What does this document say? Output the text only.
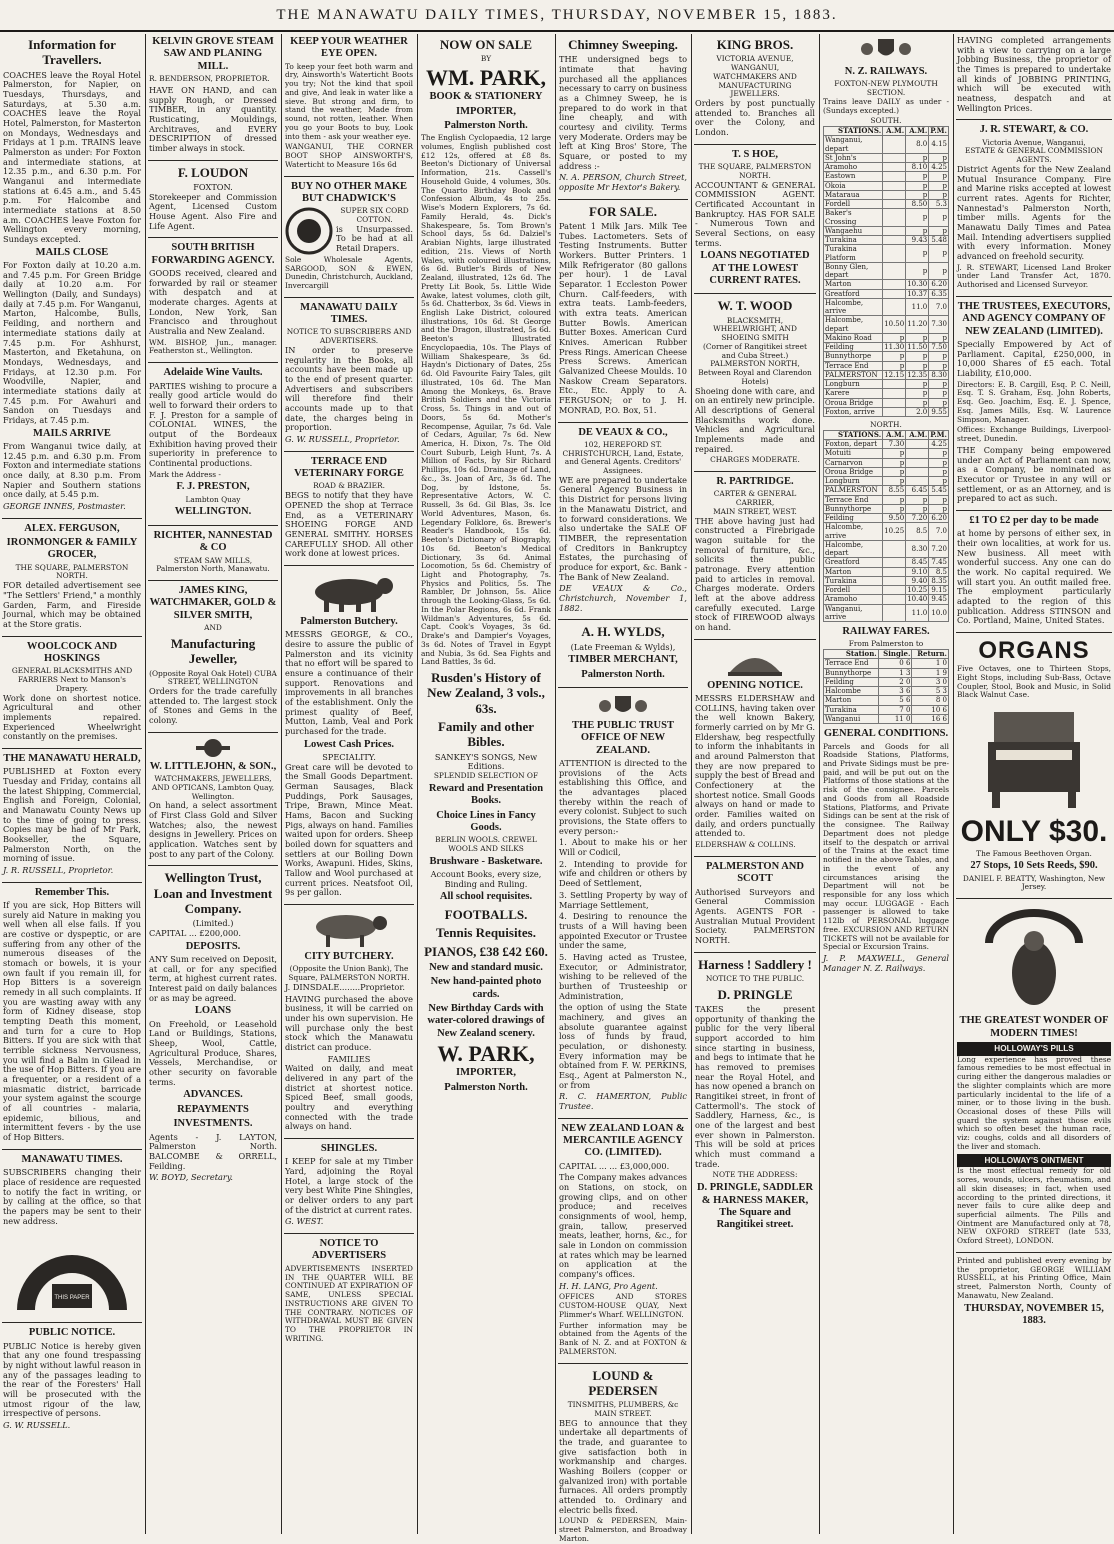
THE MANAWATU DAILY TIMES, THURSDAY, NOVEMBER 15, 1883.
Information for Travellers.

COACHES leave the Royal Hotel Palmerston, for Napier, on Tuesdays, Thursdays, and Saturdays, at 5.30 a.m. COACHES leave the Royal Hotel, Palmerston, for Masterton on Mondays, Wednesdays and Fridays at 1 p.m. TRAINS leave Palmerston as under: For Foxton and intermediate stations, at 12.35 p.m., and 6.30 p.m. For Wanganui and intermediate stations at 6.45 a.m., and 5.45 p.m. For Halcombe and intermediate stations at 8.50 a.m. COACHES leave Foxton for Wellington every morning, Sundays excepted.

MAILS CLOSE

For Foxton daily at 10.20 a.m. and 7.45 p.m. For Green Bridge daily at 10.20 a.m. For Wellington (Daily, and Sundays) daily at 7.45 p.m. For Wanganui, Marton, Halcombe, Bulls, Feilding, and northern and intermediate stations daily at 7.45 p.m. For Ashhurst, Masterton, and Eketahuna, on Mondays, Wednesdays, and Fridays, at 12.30 p.m. For Woodville, Napier, and intermediate stations daily at 7.45 p.m. For Awahuri and Sandon on Tuesdays and Fridays, at 7.45 p.m.

MAILS ARRIVE

From Wanganui twice daily, at 12.45 p.m. and 6.30 p.m. From Foxton and intermediate stations once daily, at 8.30 p.m. From Napier and Southern stations once daily, at 5.45 p.m.

GEORGE INNES, Postmaster.

ALEX. FERGUSON,
IRONMONGER & FAMILY GROCER,
THE SQUARE, PALMERSTON NORTH.

FOR detailed advertisement see "The Settlers' Friend," a monthly Garden, Farm, and Fireside Journal, which may be obtained at the Store gratis.

WOOLCOCK AND HOSKINGS
GENERAL BLACKSMITHS AND FARRIERS Next to Manson's Drapery.

Work done on shortest notice. Agricultural and other implements repaired. Experienced Wheelwright constantly on the premises.

THE MANAWATU HERALD,

PUBLISHED at Foxton every Tuesday and Friday, contains all the latest Shipping, Commercial, English and Foreign, Colonial, and Manawatu County News up to the time of going to press. Copies may be had of Mr Park, Bookseller, the Square, Palmerston North, on the morning of issue.

J. R. RUSSELL, Proprietor.

Remember This.

If you are sick, Hop Bitters will surely aid Nature in making you well when all else fails. If you are costive or dyspeptic, or are suffering from any other of the numerous diseases of the stomach or bowels, it is your own fault if you remain ill, for Hop Bitters is a sovereign remedy in all such complaints. If you are wasting away with any form of Kidney disease, stop tempting Death this moment, and turn for a cure to Hop Bitters. If you are sick with that terrible sickness Nervousness, you will find a Balm in Gilead in the use of Hop Bitters. If you are a frequenter, or a resident of a miasmatic district, barricade your system against the scourge of all countries - malaria, epidemic, bilious, and intermittent fevers - by the use of Hop Bitters.

MANAWATU TIMES.

SUBSCRIBERS changing their place of residence are requested to notify the fact in writing, or by calling at the office, so that the papers may be sent to their new address.

THIS PAPER
PUBLIC NOTICE.

PUBLIC Notice is hereby given that any one found trespassing by night without lawful reason in any of the passages leading to the rear of the Foresters' Hall will be prosecuted with the utmost rigour of the law, irrespective of persons.

G. W. RUSSELL.

KELVIN GROVE STEAM SAW AND PLANING MILL.

R. BENDERSON, PROPRIETOR.

HAVE ON HAND, and can supply Rough, or Dressed TIMBER, in any quantity. Rusticating, Mouldings, Architraves, and EVERY DESCRIPTION of dressed timber always in stock.

F. LOUDON
FOXTON.

Storekeeper and Commission Agent, Licensed Custom House Agent. Also Fire and Life Agent.

SOUTH BRITISH FORWARDING AGENCY.

GOODS received, cleared and forwarded by rail or steamer with despatch and at moderate charges. Agents at London, New York, San Francisco and throughout Australia and New Zealand.

WM. BISHOP, Jun., manager. Featherston st., Wellington.

Adelaide Wine Vaults.

PARTIES wishing to procure a really good article would do well to forward their orders to F. J. Preston for a sample of COLONIAL WINES, the output of the Bordeaux Exhibition having proved their superiority in preference to Continental productions.

Mark the Address -

F. J. PRESTON,
Lambton Quay
WELLINGTON.
RICHTER, NANNESTAD & CO
STEAM SAW MILLS,
Palmerston North, Manawatu.
JAMES KING, WATCHMAKER, GOLD & SILVER SMITH,
AND
Manufacturing Jeweller,
(Opposite Royal Oak Hotel) CUBA STREET, WELLINGTON

Orders for the trade carefully attended to. The largest stock of Stones and Gems in the colony.

W. LITTLEJOHN, & SON.,
WATCHMAKERS, JEWELLERS, AND OPTICANS, Lambton Quay, Wellington.

On hand, a select assortment of First Class Gold and Silver Watches; also, the newest designs in Jewellery. Prices on application. Watches sent by post to any part of the Colony.

Wellington Trust, Loan and Investment Company.
(Limited.)

CAPITAL ... £200,000.

DEPOSITS.

ANY Sum received on Deposit, at call, or for any specified term, at highest current rates. Interest paid on daily balances or as may be agreed.

LOANS

On Freehold, or Leasehold Land or Buildings, Stations, Sheep, Wool, Cattle, Agricultural Produce, Shares, Vessels, Merchandise, or other security on favorable terms.

ADVANCES.
REPAYMENTS
INVESTMENTS.

Agents - J. LAYTON, Palmerston North. BALCOMBE & ORRELL, Feilding.

W. BOYD, Secretary.

KEEP YOUR WEATHER EYE OPEN.

To keep your feet both warm and dry, Ainsworth's Waterticht Boots you try; Not the kind that spoil and give, And leak in water like a sieve. But strong and firm, to stand the weather, Made from sound, not rotten, leather. When you go your Boots to buy, Look into them - ask your weather eye.

WANGANUI, THE CORNER BOOT SHOP AINSWORTH'S, Waterticht to Measure 16s 6d

BUY NO OTHER MAKE BUT CHADWICK'S
SUPER SIX CORD COTTON.

is Unsurpassed. To be had at all Retail Drapers.

Sole Wholesale Agents, SARGOOD, SON & EWEN, Dunedin, Christchurch, Auckland, Invercargill

MANAWATU DAILY TIMES.
NOTICE TO SUBSCRIBERS AND ADVERTISERS.

IN order to preserve regularity in the Books, all accounts have been made up to the end of present quarter. Advertisers and subscribers will therefore find their accounts made up to that date, the charges being in proportion.

G. W. RUSSELL, Proprietor.

TERRACE END VETERINARY FORGE
ROAD & BRAZIER.

BEGS to notify that they have OPENED the shop at Terrace End, as a VETERINARY SHOEING FORGE AND GENERAL SMITHY. HORSES CAREFULLY SHOD. All other work done at lowest prices.

Palmerston Butchery.

MESSRS GEORGE, & CO., desire to assure the public of Palmerston and its vicinity that no effort will be spared to ensure a continuance of their support. Renovations and improvements in all branches of the establishment. Only the primest quality of Beef, Mutton, Lamb, Veal and Pork purchased for the trade.

Lowest Cash Prices.
SPECIALITY.

Great care will be devoted to the Small Goods Department. German Sausages, Black Puddings, Pork Sausages, Tripe, Brawn, Mince Meat. Hams, Bacon and Sucking Pigs, always on hand. Families waited upon for orders. Sheep boiled down for squatters and settlers at our Boiling Down Works, Awapuni. Hides, Skins, Tallow and Wool purchased at current prices. Neatsfoot Oil, 9s per gallon.

CITY BUTCHERY.
(Opposite the Union Bank), The Square, PALMERSTON NORTH.

J. DINSDALE........Proprietor.

HAVING purchased the above business, it will be carried on under his own supervision. He will purchase only the best stock which the Manawatu district can produce.

FAMILIES

Waited on daily, and meat delivered in any part of the district at shortest notice. Spiced Beef, small goods, poultry and everything connected with the trade always on hand.

SHINGLES.

I KEEP for sale at my Timber Yard, adjoining the Royal Hotel, a large stock of the very best White Pine Shingles, or deliver orders to any part of the district at current rates.

G. WEST.

NOTICE TO ADVERTISERS

ADVERTISEMENTS INSERTED IN THE QUARTER WILL BE CONTINUED AT EXPIRATION OF SAME, UNLESS SPECIAL INSTRUCTIONS ARE GIVEN TO THE CONTRARY. NOTICES OF WITHDRAWAL MUST BE GIVEN TO THE PROPRIETOR IN WRITING.

NOW ON SALE
BY
WM. PARK,
BOOK & STATIONERY
IMPORTER,
Palmerston North.

The English Cyclopaedia, 12 large volumes, English published cost £12 12s, offered at £8 8s. Beeton's Dictionary of Universal Information, 21s. Cassell's Household Guide, 4 volumes, 30s. The Quarto Birthday Book and Confession Album, 4s to 25s. Wise's Modern Explorers, 7s 6d. Family Herald, 4s. Dick's Shakespeare, 5s. Tom Brown's School days, 5s 6d. Dalziel's Arabian Nights, large illustrated edition, 21s. Views of North Wales, with coloured illustrations, 6s 6d. Butler's Birds of New Zealand, illustrated, 12s 6d. The Pretty Lit Book, 5s. Little Wide Awake, latest volumes, cloth gilt, 5s 6d. Chatterbox, 3s 6d. Views in English Lake District, coloured illustrations, 10s 6d. St George and the Dragon, illustrated, 5s 6d. Beeton's Illustrated Encyclopaedia, 10s. The Plays of William Shakespeare, 3s 6d. Haydn's Dictionary of Dates, 25s 6d. Old Favourite Fairy Tales, gilt illustrated, 10s 6d. The Man Among the Monkeys, 6s. Brave British Soldiers and the Victoria Cross, 5s. Things in and out of Doors, 5s 6d. Mother's Recompense, Aguilar, 7s 6d. Vale of Cedars, Aguilar, 7s 6d. New America, H. Dixon, 7s. The Old Court Suburb, Leigh Hunt, 7s. A Million of Facts, by Sir Richard Phillips, 10s 6d. Drainage of Land, &c., 3s. Joan of Arc, 3s 6d. The Dog, by Idstone, 5s. Representative Actors, W. C. Russell, 3s 6d. Gil Blas, 3s. Ice World Adventures, Mason, 6s. Legendary Folklore, 6s. Brewer's Reader's Handbook, 15s 6d. Beeton's Dictionary of Biography, 10s 6d. Beeton's Medical Dictionary, 3s 6d. Animal Locomotion, 5s 6d. Chemistry of Light and Photography, 7s. Physics and Politics, 5s. The Rambler, Dr Johnson, 5s. Alice through the Looking-Glass, 5s 6d. In the Polar Regions, 6s 6d. Frank Wildman's Adventures, 5s 6d. Capt. Cook's Voyages, 3s 6d. Drake's and Dampier's Voyages, 3s 6d. Notes of Travel in Egypt and Nubia, 3s 6d. Sea Fights and Land Battles, 3s 6d.

Rusden's History of New Zealand, 3 vols., 63s.
Family and other Bibles.
SANKEY'S SONGS, New Editions.
SPLENDID SELECTION OF
Reward and Presentation Books.
Choice Lines in Fancy Goods.
BERLIN WOOLS. CREWEL WOOLS AND SILKS
Brushware - Basketware.
Account Books, every size, Binding and Ruling.
All school requisites.
FOOTBALLS.
Tennis Requisites.
PIANOS, £38 £42 £60.
New and standard music.
New hand-painted photo cards.
New Birthday Cards with water-colored drawings of New Zealand scenery.
W. PARK,
IMPORTER,
Palmerston North.
Chimney Sweeping.

THE undersigned begs to intimate that having purchased all the appliances necessary to carry on business as a Chimney Sweep, he is prepared to do work in that line cheaply, and with courtesy and civility. Terms very Moderate. Orders may be left at King Bros' Store, The Square, or posted to my address :-

N. A. PERSON, Church Street, opposite Mr Hextor's Bakery.

FOR SALE.

Patent 1 Milk Jars. Milk Tee Tubes. Lactometers. Sets of Testing Instruments. Butter Workers. Butter Printers. 1 Milk Refrigerator (80 gallons per hour). 1 de Laval Separator. 1 Eccleston Power Churn. Calf-feeders, with extra teats. Lamb-feeders, with extra teats. American Butter Bowls. American Butter Boxes. American Curd Knives. American Rubber Press Rings. American Cheese Press Screws. American Galvanized Cheese Moulds. 10 Naskow Cream Separators. Etc., Etc. Apply to A. FERGUSON; or to J. H. MONRAD, P.O. Box, 51.

DE VEAUX & CO.,
102, HEREFORD ST. CHRISTCHURCH, Land, Estate, and General Agents. Creditors' Assignees.

WE are prepared to undertake General Agency Business in this District for persons living in the Manawatu District, and to forward considerations. We also undertake the SALE OF TIMBER, the representation of Creditors in Bankruptcy Estates, the purchasing of produce for export, &c. Bank - The Bank of New Zealand.

DE VEAUX & Co., Christchurch, November 1, 1882.

A. H. WYLDS,
(Late Freeman & Wylds),
TIMBER MERCHANT,
Palmerston North.
THE PUBLIC TRUST OFFICE OF NEW ZEALAND.

ATTENTION is directed to the provisions of the Acts establishing this Office, and the advantages placed thereby within the reach of every colonist. Subject to such provisions, the State offers to every person:-

1. About to make his or her Will or Codicil,

2. Intending to provide for wife and children or others by Deed of Settlement,

3. Settling Property by way of Marriage Settlement,

4. Desiring to renounce the trusts of a Will having been appointed Executor or Trustee under the same,

5. Having acted as Trustee, Executor, or Administrator, wishing to be relieved of the burthen of Trusteeship or Administration,

the option of using the State machinery, and gives an absolute guarantee against loss of funds by fraud, peculation, or dishonesty. Every information may be obtained from F. W. PERKINS, Esq., Agent at Palmerston N., or from

R. C. HAMERTON, Public Trustee.

NEW ZEALAND LOAN & MERCANTILE AGENCY CO. (LIMITED).

CAPITAL ... ... £3,000,000.

The Company makes advances on Stations, on stock, on growing clips, and on other produce; and receives consignments of wool, hemp, grain, tallow, preserved meats, leather, horns, &c., for sale in London on commission at rates which may be learned on application at the company's offices.

H. H. LANG, Pro Agent.

OFFICES AND STORES CUSTOM-HOUSE QUAY, Next Plimmer's Wharf. WELLINGTON.

Further information may be obtained from the Agents of the Bank of N. Z. and at FOXTON & PALMERSTON.

LOUND & PEDERSEN
TINSMITHS, PLUMBERS, &c MAIN STREET.

BEG to announce that they undertake all departments of the trade, and guarantee to give satisfaction both in workmanship and charges. Washing Boilers (copper or galvanized iron) with portable furnaces. All orders promptly attended to. Ordinary and electric bells fixed.

LOUND & PEDERSEN, Main-street Palmerston, and Broadway Marton.

KING BROS.
VICTORIA AVENUE, WANGANUI,
WATCHMAKERS AND MANUFACTURING JEWELLERS.

Orders by post punctually attended to. Branches all over the Colony, and London.

T. S HOE,
THE SQUARE, PALMERSTON NORTH.

ACCOUNTANT & GENERAL COMMISSION AGENT. Certificated Accountant in Bankruptcy. HAS FOR SALE - Numerous Town and Several Sections, on easy terms.

LOANS NEGOTIATED AT THE LOWEST CURRENT RATES.
W. T. WOOD
BLACKSMITH, WHEELWRIGHT, AND SHOEING SMITH
(Corner of Rangitikei street and Cuba Street.) PALMERSTON NORTH, Between Royal and Clarendon Hotels)

Shoeing done with care, and on an entirely new principle. All descriptions of General Blacksmiths work done. Vehicles and Agricultural Implements made and repaired.

CHARGES MODERATE.
R. PARTRIDGE.
CARTER & GENERAL CARRIER,
MAIN STREET, WEST.

THE above having just had constructed a Firebrigade wagon suitable for the removal of furniture, &c., solicits the public patronage. Every attention paid to articles in removal. Charges moderate. Orders left at the above address carefully executed. Large stock of FIREWOOD always on hand.

OPENING NOTICE.

MESSRS ELDERSHAW and COLLINS, having taken over the well known Bakery, formerly carried on by Mr G. Eldershaw, beg respectfully to inform the inhabitants in and around Palmerston that they are now prepared to supply the best of Bread and Confectionery at the shortest notice. Small Goods always on hand or made to order. Families waited on daily, and orders punctually attended to.

ELDERSHAW & COLLINS.

PALMERSTON AND SCOTT

Authorised Surveyors and General Commission Agents. AGENTS FOR - Australian Mutual Provident Society. PALMERSTON NORTH.

Harness ! Saddlery !
NOTICE TO THE PUBLIC.
D. PRINGLE

TAKES the present opportunity of thanking the public for the very liberal support accorded to him since starting in business, and begs to intimate that he has removed to premises near the Royal Hotel, and has now opened a branch on Rangitikei street, in front of Cattermoll's. The stock of Saddlery, Harness, &c., is one of the largest and best ever shown in Palmerston. This will be sold at prices which must command a trade.

NOTE THE ADDRESS:
D. PRINGLE, SADDLER & HARNESS MAKER, The Square and Rangitikei street.
N. Z. RAILWAYS.
FOXTON-NEW PLYMOUTH SECTION.

Trains leave DAILY as under - (Sundays excepted.)

SOUTH.
STATIONS.	A.M.	A.M.	P.M.
Wanganui, depart		8.0	4.15
St John's		p	p
Aramoho		8.10	4.25
Eastown		p	p
Okoia		p	p
Mataraua		p	p
Fordell		8.50	5.3
Baker's Crossing		p	p
Wangaehu		p	p
Turakina		9.43	5.48
Turakina Platform		p	p
Bonny Glen, depart		p	p
Marton		10.30	6.20
Greatford		10.37	6.35
Halcombe, arrive		11.0	7.0
Halcombe, depart	10.50	11.20	7.30
Makino Road	p	p	p
Feilding	11.30	11.50	7.50
Bunnythorpe	p	p	p
Terrace End	p	p	p
PALMERSTON	12.15	12.35	8.30
Longburn		p	p
Karere		p	p
Oroua Bridge		p	p
Foxton, arrive		2.0	9.55
NORTH.
STATIONS.	A.M.	A.M.	P.M.
Foxton, depart	7.30		4.25
Motuiti	p		p
Carnarvon	p		p
Oroua Bridge	p		p
Longburn	p		p
PALMERSTON	8.55	6.45	5.45
Terrace End	p	p	p
Bunnythorpe	p	p	p
Feilding	9.50	7.20	6.20
Halcombe, arrive	10.25	8.5	7.0
Halcombe, depart		8.30	7.20
Greatford		8.45	7.45
Marton		9.10	8.5
Turakina		9.40	8.35
Fordell		10.25	9.15
Aramoho		10.40	9.45
Wanganui, arrive		11.0	10.0
RAILWAY FARES.
From Palmerston to
Station.	Single.	Return.
Terrace End	0 6	1 0
Bunnythorpe	1 3	1 9
Feilding	2 0	3 0
Halcombe	3 6	5 3
Marton	5 6	8 0
Turakina	7 0	10 6
Wanganui	11 0	16 6
GENERAL CONDITIONS.

Parcels and Goods for all Roadside Stations, Platforms, and Private Sidings must be pre-paid, and will be put out on the Platforms of those stations at the risk of the consignee. Parcels and Goods from all Roadside Stations, Platforms, and Private Sidings can be sent at the risk of the consignee. The Railway Department does not pledge itself to the despatch or arrival of the Trains at the exact time notified in the above Tables, and in the event of any circumstances arising the Department will not be responsible for any loss which may occur. LUGGAGE - Each passenger is allowed to take 112lb of PERSONAL luggage free. EXCURSION AND RETURN TICKETS will not be available for Special or Excursion Trains.

J. P. MAXWELL, General Manager N. Z. Railways.

HAVING completed arrangements with a view to carrying on a large Jobbing Business, the proprietor of the Times is prepared to undertake all kinds of JOBBING PRINTING, which will be executed with neatness, despatch and at Wellington Prices.

J. R. STEWART, & CO.
Victoria Avenue, Wanganui,
ESTATE & GENERAL COMMISSION AGENTS.

District Agents for the New Zealand Mutual Insurance Company. Fire and Marine risks accepted at lowest current rates. Agents for Richter, Nannestad's Palmerston North, timber mills. Agents for the Manawatu Daily Times and Patea Mail. Intending advertisers supplied with every information. Money advanced on freehold security.

J. R. STEWART, Licensed Land Broker under Land Transfer Act, 1870. Authorised and Licensed Surveyor.

THE TRUSTEES, EXECUTORS, AND AGENCY COMPANY OF NEW ZEALAND (LIMITED).

Specially Empowered by Act of Parliament. Capital, £250,000, in 10,000 Shares of £5 each. Total Liability, £10,000.

Directors: E. B. Cargill, Esq. P. C. Neill, Esq. T. S. Graham, Esq. John Roberts, Esq. Geo. Joachim, Esq. E. J. Spence, Esq. James Mills, Esq. W. Laurence Simpson, Manager.

Offices: Exchange Buildings, Liverpool-street, Dunedin.

THE Company being empowered under an Act of Parliament can now, as a Company, be nominated as Executor or Trustee in any will or settlement, or as an Attorney, and is prepared to act as such.

£1 TO £2 per day to be made

at home by persons of either sex, in their own localities, at work for us. New business. All meet with wonderful success. Any one can do the work. No capital required. We will start you. An outfit mailed free. The employment particularly adapted to the region of this publication. Address STINSON and Co. Portland, Maine, United States.

ORGANS

Five Octaves, one to Thirteen Stops, Eight Stops, including Sub-Bass, Octave Coupler, Stool, Book and Music, in Solid Black Walnut Case.

ONLY $30.
The Famous Beethoven Organ.
27 Stops, 10 Sets Reeds, $90.
DANIEL F. BEATTY, Washington, New Jersey.
THE GREATEST WONDER OF MODERN TIMES!
HOLLOWAY'S PILLS

Long experience has proved these famous remedies to be most effectual in curing either the dangerous maladies or the slighter complaints which are more particularly incidental to the life of a miner, or to those living in the bush. Occasional doses of these Pills will guard the system against those evils which so often beset the human race, viz: coughs, colds and all disorders of the liver and stomach.

HOLLOWAY'S OINTMENT

Is the most effectual remedy for old sores, wounds, ulcers, rheumatism, and all skin diseases; in fact, when used according to the printed directions, it never fails to cure alike deep and superficial ailments. The Pills and Ointment are Manufactured only at 78, NEW OXFORD STREET (late 533, Oxford Street), LONDON.

Printed and published every evening by the proprietor, GEORGE WILLIAM RUSSELL, at his Printing Office, Main street, Palmerston North, County of Manawatu, New Zealand.

THURSDAY, NOVEMBER 15, 1883.
